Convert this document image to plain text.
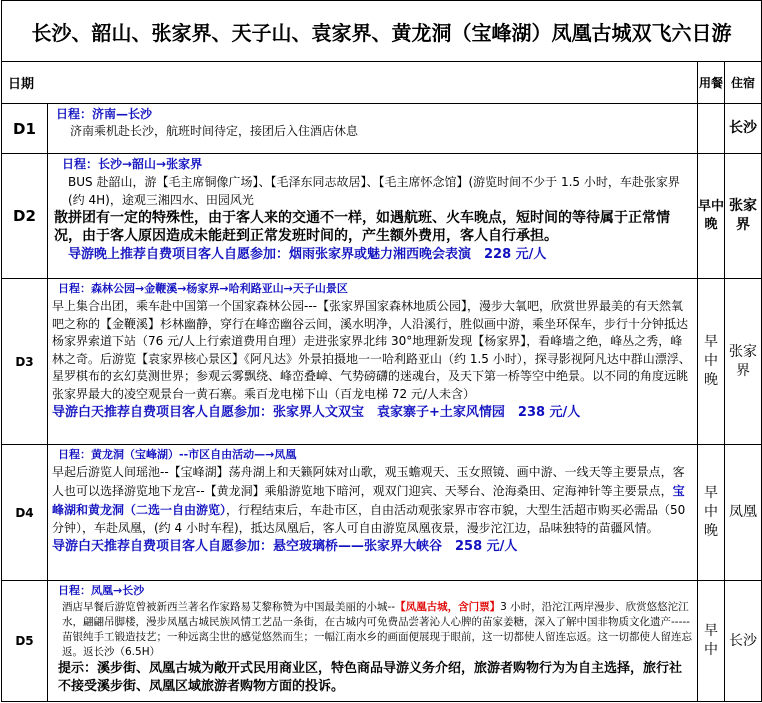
长沙、韶山、张家界、天子山、袁家界、黄龙洞（宝峰湖）凤凰古城双飞六日游			
日期		用餐	住宿
D1	日程：济南—长沙
济南乘机赴长沙，航班时间待定，接团后入住酒店休息		长沙
D2	日程：长沙→韶山→张家界
BUS 赴韶山，游【毛主席铜像广场】、【毛泽东同志故居】、【毛主席怀念馆】(游览时间不少于 1.5 小时，车赴张家界(约 4H)，途观三湘四水、田园风光
散拼团有一定的特殊性，由于客人来的交通不一样，如遇航班、火车晚点，短时间的等待属于正常情况，由于客人原因造成未能赶到正常发班时间的，产生额外费用，客人自行承担。
导游晚上推荐自费项目客人自愿参加：烟雨张家界或魅力湘西晚会表演　228 元/人	早中晚	张家界
D3	日程：森林公园→金鞭溪→杨家界→哈利路亚山→天子山景区
早上集合出团，乘车赴中国第一个国家森林公园---【张家界国家森林地质公园】，漫步大氧吧，欣赏世界最美的有天然氧吧之称的【金鞭溪】杉林幽静，穿行在峰峦幽谷云间，溪水明净，人沿溪行，胜似画中游，乘坐环保车，步行十分钟抵达杨家界索道下站（76 元/人上行索道费用自理）走进张家界北纬 30°地理新发现【杨家界】，看峰墙之绝，峰丛之秀，峰林之奇。后游览【袁家界核心景区】《阿凡达》外景拍摄地一一哈利路亚山（约 1.5 小时），探寻影视阿凡达中群山漂浮、星罗棋布的玄幻莫测世界；参观云雾飘绕、峰峦叠嶂、气势磅礴的迷魂台，及天下第一桥等空中绝景。以不同的角度远眺张家界最大的凌空观景台一黄石寨。乘百龙电梯下山（百龙电梯 72 元/人未含）
导游白天推荐自费项目客人自愿参加：张家界人文双宝　袁家寨子+土家风情园　238 元/人	早中晚	张家界
D4	日程：黄龙洞（宝峰湖）--市区自由活动—→凤凰
早起后游览人间瑶池--【宝峰湖】荡舟湖上和天籁阿妹对山歌，观玉蟾观天、玉女照镜、画中游、一线天等主要景点，客人也可以选择游览地下龙宫--【黄龙洞】乘船游览地下暗河，观双门迎宾、天琴台、沧海桑田、定海神针等主要景点，宝峰湖和黄龙洞（二选一自由游览），行程结束后，车赴市区，自由活动观张家界市容市貌，大型生活超市购买必需品（50 分钟），车赴凤凰，(约 4 小时车程)，抵达凤凰后，客人可自由游览凤凰夜景，漫步沱江边，品味独特的苗疆风情。
导游白天推荐自费项目客人自愿参加：悬空玻璃桥——张家界大峡谷　258 元/人	早中晚	凤凰
D5	日程：凤凰→长沙
酒店早餐后游览曾被新西兰著名作家路易艾黎称赞为中国最美丽的小城--【凤凰古城，含门票】3 小时，沿沱江两岸漫步、欣赏悠悠沱江水，翩翩吊脚楼，漫步凤凰古城民族风情工艺品一条街，在古城内可免费品尝著沁人心脾的苗家姜糖，深入了解中国非物质文化遗产-----苗银纯手工锻造技艺；一种远离尘世的感觉悠然而生；一幅江南水乡的画面便展现于眼前，这一切都使人留连忘返。这一切都使人留连忘返。返长沙（6.5H）
提示：溪步街、凤凰古城为敞开式民用商业区，特色商品导游义务介绍，旅游者购物行为为自主选择，旅行社不接受溪步街、凤凰区域旅游者购物方面的投诉。	早中	长沙
